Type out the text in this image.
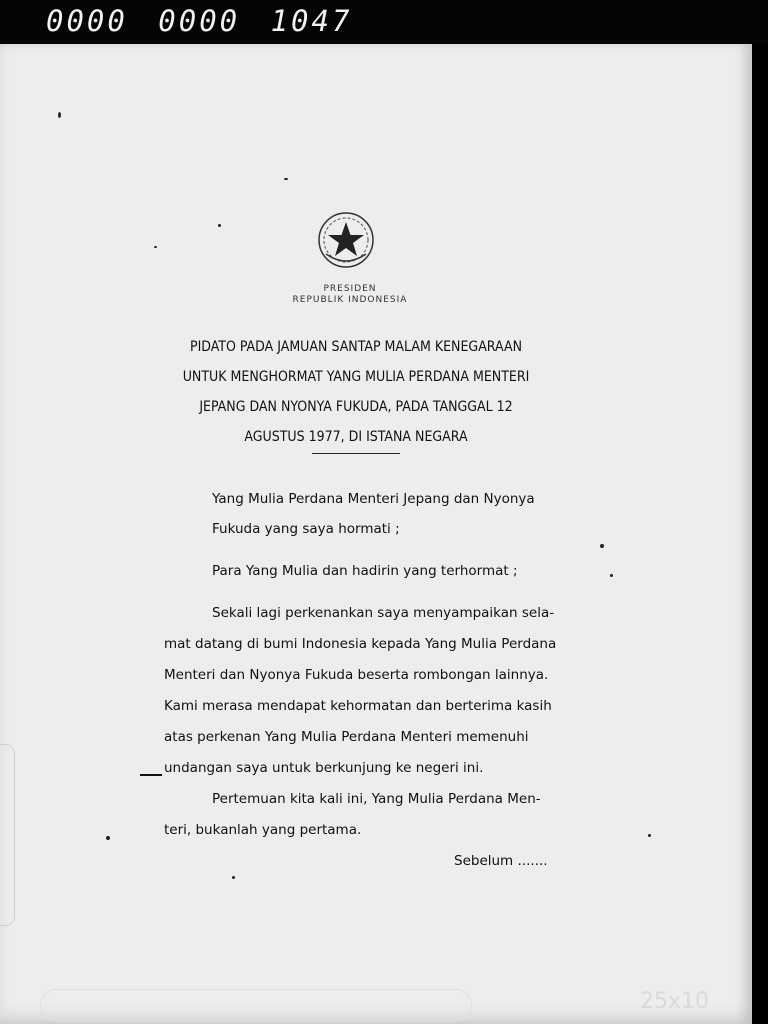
0000 0000 1047
25x10
PRESIDEN
REPUBLIK INDONESIA
PIDATO PADA JAMUAN SANTAP MALAM KENEGARAAN
UNTUK MENGHORMAT YANG MULIA PERDANA MENTERI
JEPANG DAN NYONYA FUKUDA, PADA TANGGAL 12
AGUSTUS 1977, DI ISTANA NEGARA
Yang Mulia Perdana Menteri Jepang dan Nyonya
Fukuda yang saya hormati ;
Para Yang Mulia dan hadirin yang terhormat ;
Sekali lagi perkenankan saya menyampaikan sela-
mat datang di bumi Indonesia kepada Yang Mulia Perdana
Menteri dan Nyonya Fukuda beserta rombongan lainnya.
Kami merasa mendapat kehormatan dan berterima kasih
atas perkenan Yang Mulia Perdana Menteri memenuhi
undangan saya untuk berkunjung ke negeri ini.
Pertemuan kita kali ini, Yang Mulia Perdana Men-
teri, bukanlah yang pertama.
Sebelum .......
